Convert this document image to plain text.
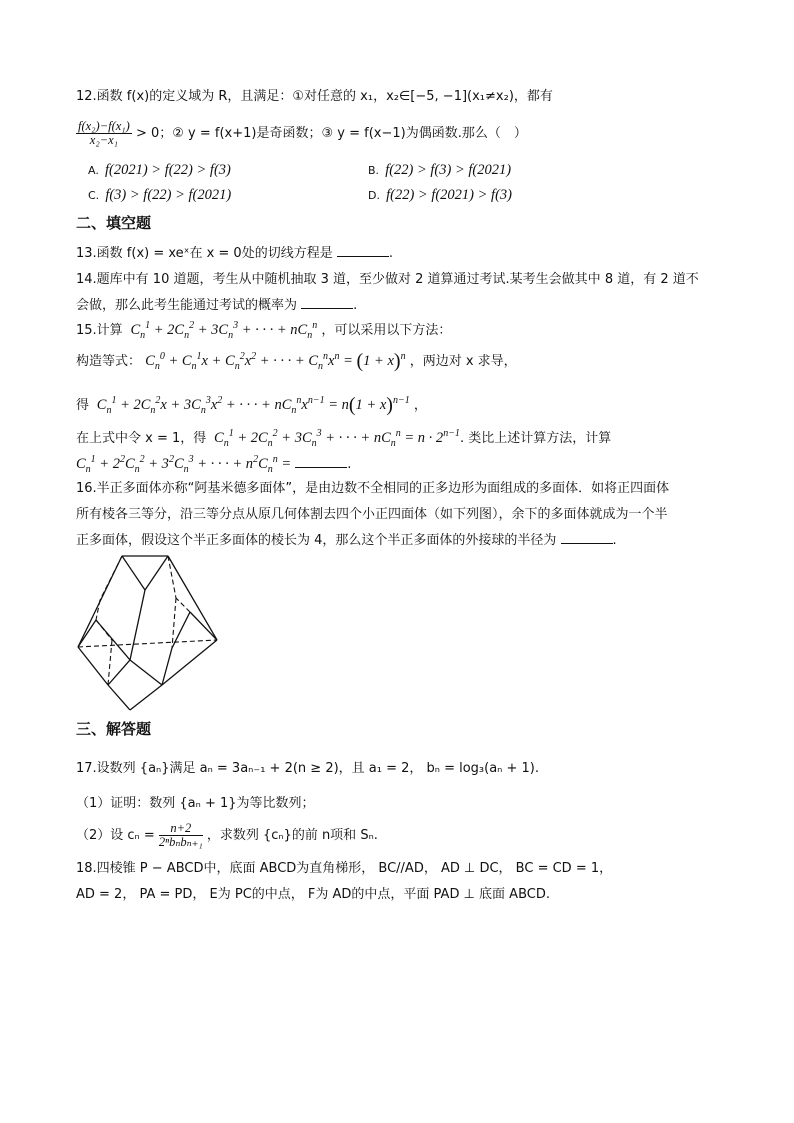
12.函数 f(x)的定义域为 R，且满足：①对任意的 x₁，x₂∈[−5, −1](x₁≠x₂)，都有
$\frac{\text{f(x₂)−f(x₁)}}{\text{x₂−x₁}} > 0$；② y = f(x+1)是奇函数；③ y = f(x−1)为偶函数.那么（　）
A. f(2021) > f(22) > f(3)	B. f(22) > f(3) > f(2021)
C. f(3) > f(22) > f(2021)	D. f(22) > f(2021) > f(3)
二、填空题
13.函数 f(x) = xeˣ在 x = 0处的切线方程是	.
14.题库中有 10 道题，考生从中随机抽取 3 道，至少做对 2 道算通过考试.某考生会做其中 8 道，有 2 道不
会做，那么此考生能通过考试的概率为	.
15.计算  $C_n^1 + 2C_n^2 + 3C_n^3$ + · · · + $nC_n^n$ ，可以采用以下方法：
构造等式： $C_n^0 + C_n^1x + C_n^2x^2$ + · · · + $C_n^nx^n = (1 + x)^n$ ，两边对 x 求导，
得  $C_n^1 + 2C_n^2x + 3C_n^3x^2$ + · · · + $nC_n^nx^{n-1} = n(1 + x)^{n-1}$ ，
在上式中令 x = 1，得  $C_n^1 + 2C_n^2 + 3C_n^3$ + · · · + $nC_n^n = n \cdot 2^{n-1}$. 类比上述计算方法，计算
$C_n^1 + 2^2C_n^2 + 3^2C_n^3$ + · · · + $n^2C_n^n$ =	.
16.半正多面体亦称“阿基米德多面体”，是由边数不全相同的正多边形为面组成的多面体．如将正四面体
所有棱各三等分，沿三等分点从原几何体割去四个小正四面体（如下列图），余下的多面体就成为一个半
正多面体，假设这个半正多面体的棱长为 4，那么这个半正多面体的外接球的半径为	.
三、解答题
17.设数列 {aₙ}满足 aₙ = 3aₙ₋₁ + 2(n ≥ 2)，且 a₁ = 2， bₙ = log₃(aₙ + 1).
（1）证明：数列 {aₙ + 1}为等比数列；
（2）设 $c_n = \frac{n+2}{\text{2ⁿbₙbₙ₊₁}}$ ，求数列 {cₙ}的前 n项和 Sₙ.
18.四棱锥 P − ABCD中，底面 ABCD为直角梯形， BC//AD， AD ⊥ DC， BC = CD = 1，
AD = 2， PA = PD， E为 PC的中点， F为 AD的中点，平面 PAD ⊥ 底面 ABCD.
